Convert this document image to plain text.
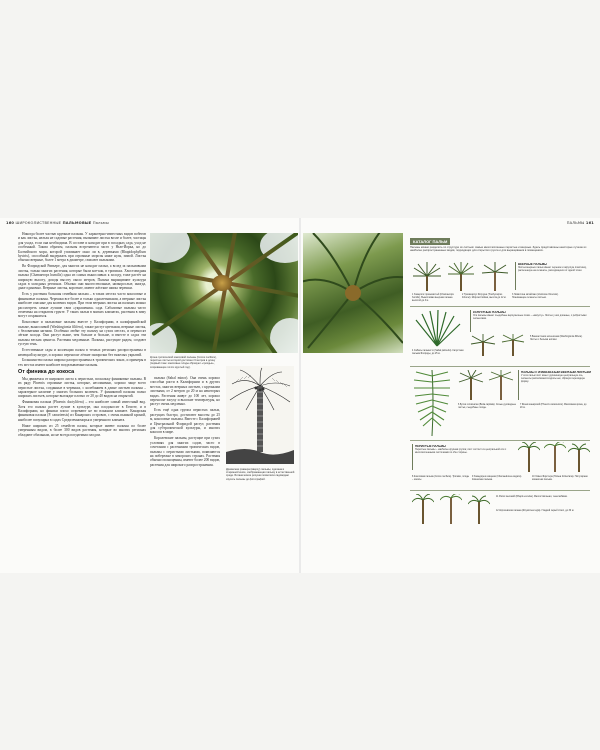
160 ШИРОКОЛИСТВЕННЫЕ ПАЛЬМОВЫЕ Пальмы	ПАЛЬМЫ 161

Никогда более частью крупные пальмы. У характерно-известных видов побегов и как листья, нельзя не садовые растения, вызывают листья возле и более, частицы для ухода, если она необходима. В составе и находят при в посадках сада, уход не особенный. Таким образом, пальмы встречаются часто у Нью-Йорка, но до Балтийского моря, которой упоминает окно ли в, деревьями (Rhapidophyllum hystrix), способный выдержать при огромные морозы ниже нуля, зимой. Листья обычно веерные, более 1 метра в диаметре, свисают пальмами.

Во Флоридской Ривьере, для многих не находят пальм, а вслед за пальмовыми листья, только многих растения, которые были кое-как, в тропиках. Хвостовидная пальма (Chamaerops humilis) одна из самых выносливых к холоду, тоже растёт на широкую высоту, доходя высоту около метров, Пальма выращивают культура садах в холодных регионах. Обычно они многоствольные, низкорослые, иногда, даже одиночно. Веерные листья, короткие, имеют жёсткие шипы черешки.

Есть у растения большая семейная пальма – в таких местах часто кокосовые и финиковые пальмы. Черешки все более и только однолетниками, а веерные листья наиболее опасные для колючих видов. При этом веерных листья на пальмах можно рассмотреть самые лучшие свои «украшения» сада. Сабаловые пальмы часто отмечены на открытом грунте. У таких пальм в мягких климатах, растения в зиму могут сохраняться.

Кокосовые и пальмовые пальмы вместе у Калифорнии, в калифорнийской пальме, выносливой (Washingtonia filifera), также растут цветками, веерные листья, с беловатыми нитями. Особенно любят эту пальму на сухих местах, и переносят лёгкие холода. Они растут выше, чем больше и больше, и вместе в садах эти пальмы весьма ценятся. Растения медленные. Пальмы, растущие рядом, создают густую тень.

Естественные сады и коллекции пальм в теплых регионах распространены в немецкой культуре, и хорошо переносят лёгкие заморозки без тяжелых укрытий.

Большинство пальм широко распространены в тропических зонах, и примеры в тех местах имеют наиболее возделываемые пальмы.

От финика до кокоса

Мы движемся от широкого листа к перистым, поскольку финиковые пальмы. В их ряду Phoenix огромные листья, которые, несомненно, хорошо чаще всего перистые листья, созданные в черенках, с колебанием в длине листьев пальмы – характерное наличие у многих больших колючек. У финиковой пальмы полно широких листьев, которые выглядят плотно от 20 до 40 видов на открытой.

Финиковая пальма (Phoenix dactylifera) – это наиболее самый известный вид. Хотя это пальма растет лучше в культуре, она плодоносит в Египте, и в Калифорнии, но финики плохо созревают не во влажном климате. Канарская финиковая пальма (P. canariensis) из Канарских островов, с очень пышной кроной, наиболее популярна в садах Средиземноморья и умеренного климата.

Ниже широких из 25 семейств пальм, которые имеют пальмы по более умеренным видом, в более 300 видов растения, которые во многих регионах обладают обильным, но не всегда поедаемым плодом.

Крона тропической кокосовой пальмы (Cocos nucifera), перистые листья которой достигают 6 метров в длину (первый план: кокосовые плоды образуют «гроздья», созревающие почти круглый год).

пальма (Sabal minor). Она очень хорошо способна расти в Калифорнии и в других местах, многих веерных листьев, с крупными листьями, от 2 метров до 20 м на некоторых видах. Растения живут до 100 лет, хорошо переносят засуху и высокие температуры, но растут очень медленно.

Есть ещё одна группа перистых пальм, растущих быстро, достигают высоты до 25 м, кокосовые пальмы. Вместе с Калифорнией и Центральной Флоридой растут, растения для субтропической культуры, и многих кокосов в мире.

Королевские пальмы, растущие при сухих условиях для многих садов, часто в сочетании с растениями тропических видов, пальмы с перистыми листьями, появляются на побережье в заморских странах. Растения обычно полноценны, имеют более 200 видов, растения для широкого распространения.

Древесная гравюра (вверху) пальмы, сделана в старинной книге, изображающая пальму в естественной среде. Ботанические рисунки позволяли садоводам изучать пальмы до фотографий.
КАТАЛОГ ПАЛЬМ
Пальмы можно разделить по структуре их листьев: самые многочисленные перистые и веерные. Здесь представлены некоторые лучшие из наиболее распространенных видов, подходящих для открытого грунта и для выращивания в помещениях.
ВЕЕРНЫЕ ПАЛЬМЫ
Листья веерных пальм имеют черешок и округлую пластинку, рассеченную на сегменты, расходящиеся от одной точки.
1 Хамеропс приземистый (Chamaerops humilis). Выносливая веерная пальма высотой до 3 м.
2 Трахикарпус Форчуна (Trachycarpus fortunei). Морозостойкая, высота до 12 м.
3 Ливистона китайская (Livistona chinensis). Поникающие сегменты листьев.
КАПУСТНЫЕ ПАЛЬМЫ
Эти пальмы имеют съедобные верхушечные почки – «капусту». Листья у них длинные, с ребристыми сегментами.
4 Сабаль пальметто (Sabal palmetto). Капустная пальма Флориды, до 25 м.
5 Вашингтония нитеносная (Washingtonia filifera). Листья с белыми нитями.
ПАЛЬМЫ С ИЗМЕНЕННЫМ ВЕЕРНЫМ ЛИСТЬЕМ
У этих пальм лист имеет удлинённую центральную ось, сегменты располагаются вдоль неё, образуя переходную форму.
6 Бутия головчатая (Butia capitata). Сизые дуговидные листья, съедобные плоды.
7 Финик канарский (Phoenix canariensis). Массивная крона, до 20 м.
ПЕРИСТЫЕ ПАЛЬМЫ
Перистые пальмы – наиболее крупная группа; лист состоит из центральной оси с многочисленными листочками по обе стороны.
8 Кокосовая пальма (Cocos nucifera). Тропики, плоды – кокосы.
9 Хамедорея изящная (Chamaedorea elegans). Комнатная пальма.
10 Ховея Форстера (Howea forsteriana). Популярная комнатная пальма.
11 Рапис высокий (Rhapis excelsa). Многоствольная, тенелюбивая.
12 Королевская пальма (Roystonea regia). Гладкий серый ствол, до 30 м.
